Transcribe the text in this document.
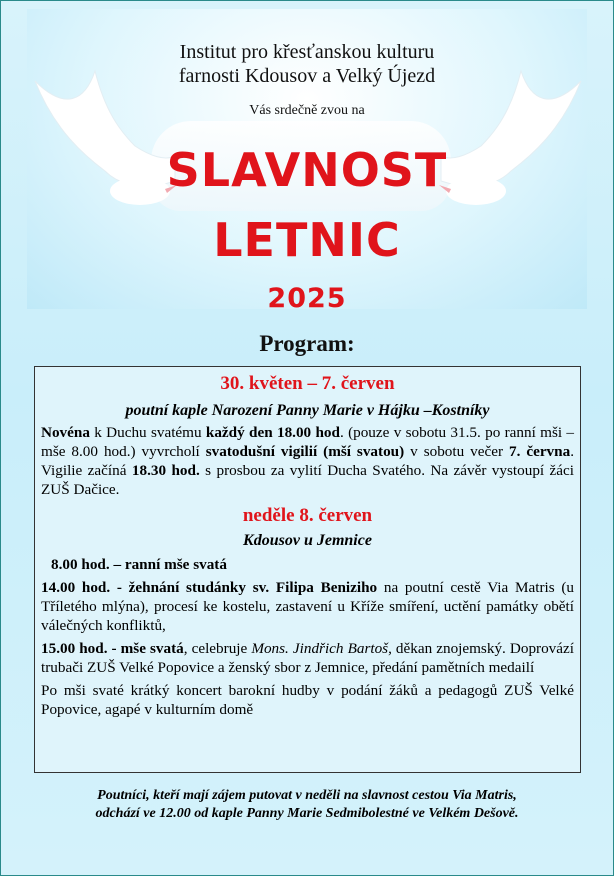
Institut pro křesťanskou kulturu
farnosti Kdousov a Velký Újezd
Vás srdečně zvou na
SLAVNOST
LETNIC
2025
Program:

30. květen – 7. červen

poutní kaple Narození Panny Marie v Hájku –Kostníky

Novéna k Duchu svatému každý den 18.00 hod. (pouze v sobotu 31.5. po ranní mši – mše 8.00 hod.) vyvrcholí svatodušní vigilií (mší svatou) v sobotu večer 7. června. Vigilie začíná 18.30 hod. s prosbou za vylití Ducha Svatého. Na závěr vystoupí žáci ZUŠ Dačice.

neděle 8. červen

Kdousov u Jemnice

8.00 hod. – ranní mše svatá

14.00 hod. - žehnání studánky sv. Filipa Beniziho na poutní cestě Via Matris (u Tříletého mlýna), procesí ke kostelu, zastavení u Kříže smíření, uctění památky obětí válečných konfliktů,

15.00 hod. - mše svatá, celebruje Mons. Jindřich Bartoš, děkan znojemský. Doprovází trubači ZUŠ Velké Popovice a ženský sbor z Jemnice, předání pamětních medailí

Po mši svaté krátký koncert barokní hudby v podání žáků a pedagogů ZUŠ Velké Popovice, agapé v kulturním domě

Poutníci, kteří mají zájem putovat v neděli na slavnost cestou Via Matris,
odchází ve 12.00 od kaple Panny Marie Sedmibolestné ve Velkém Dešově.
